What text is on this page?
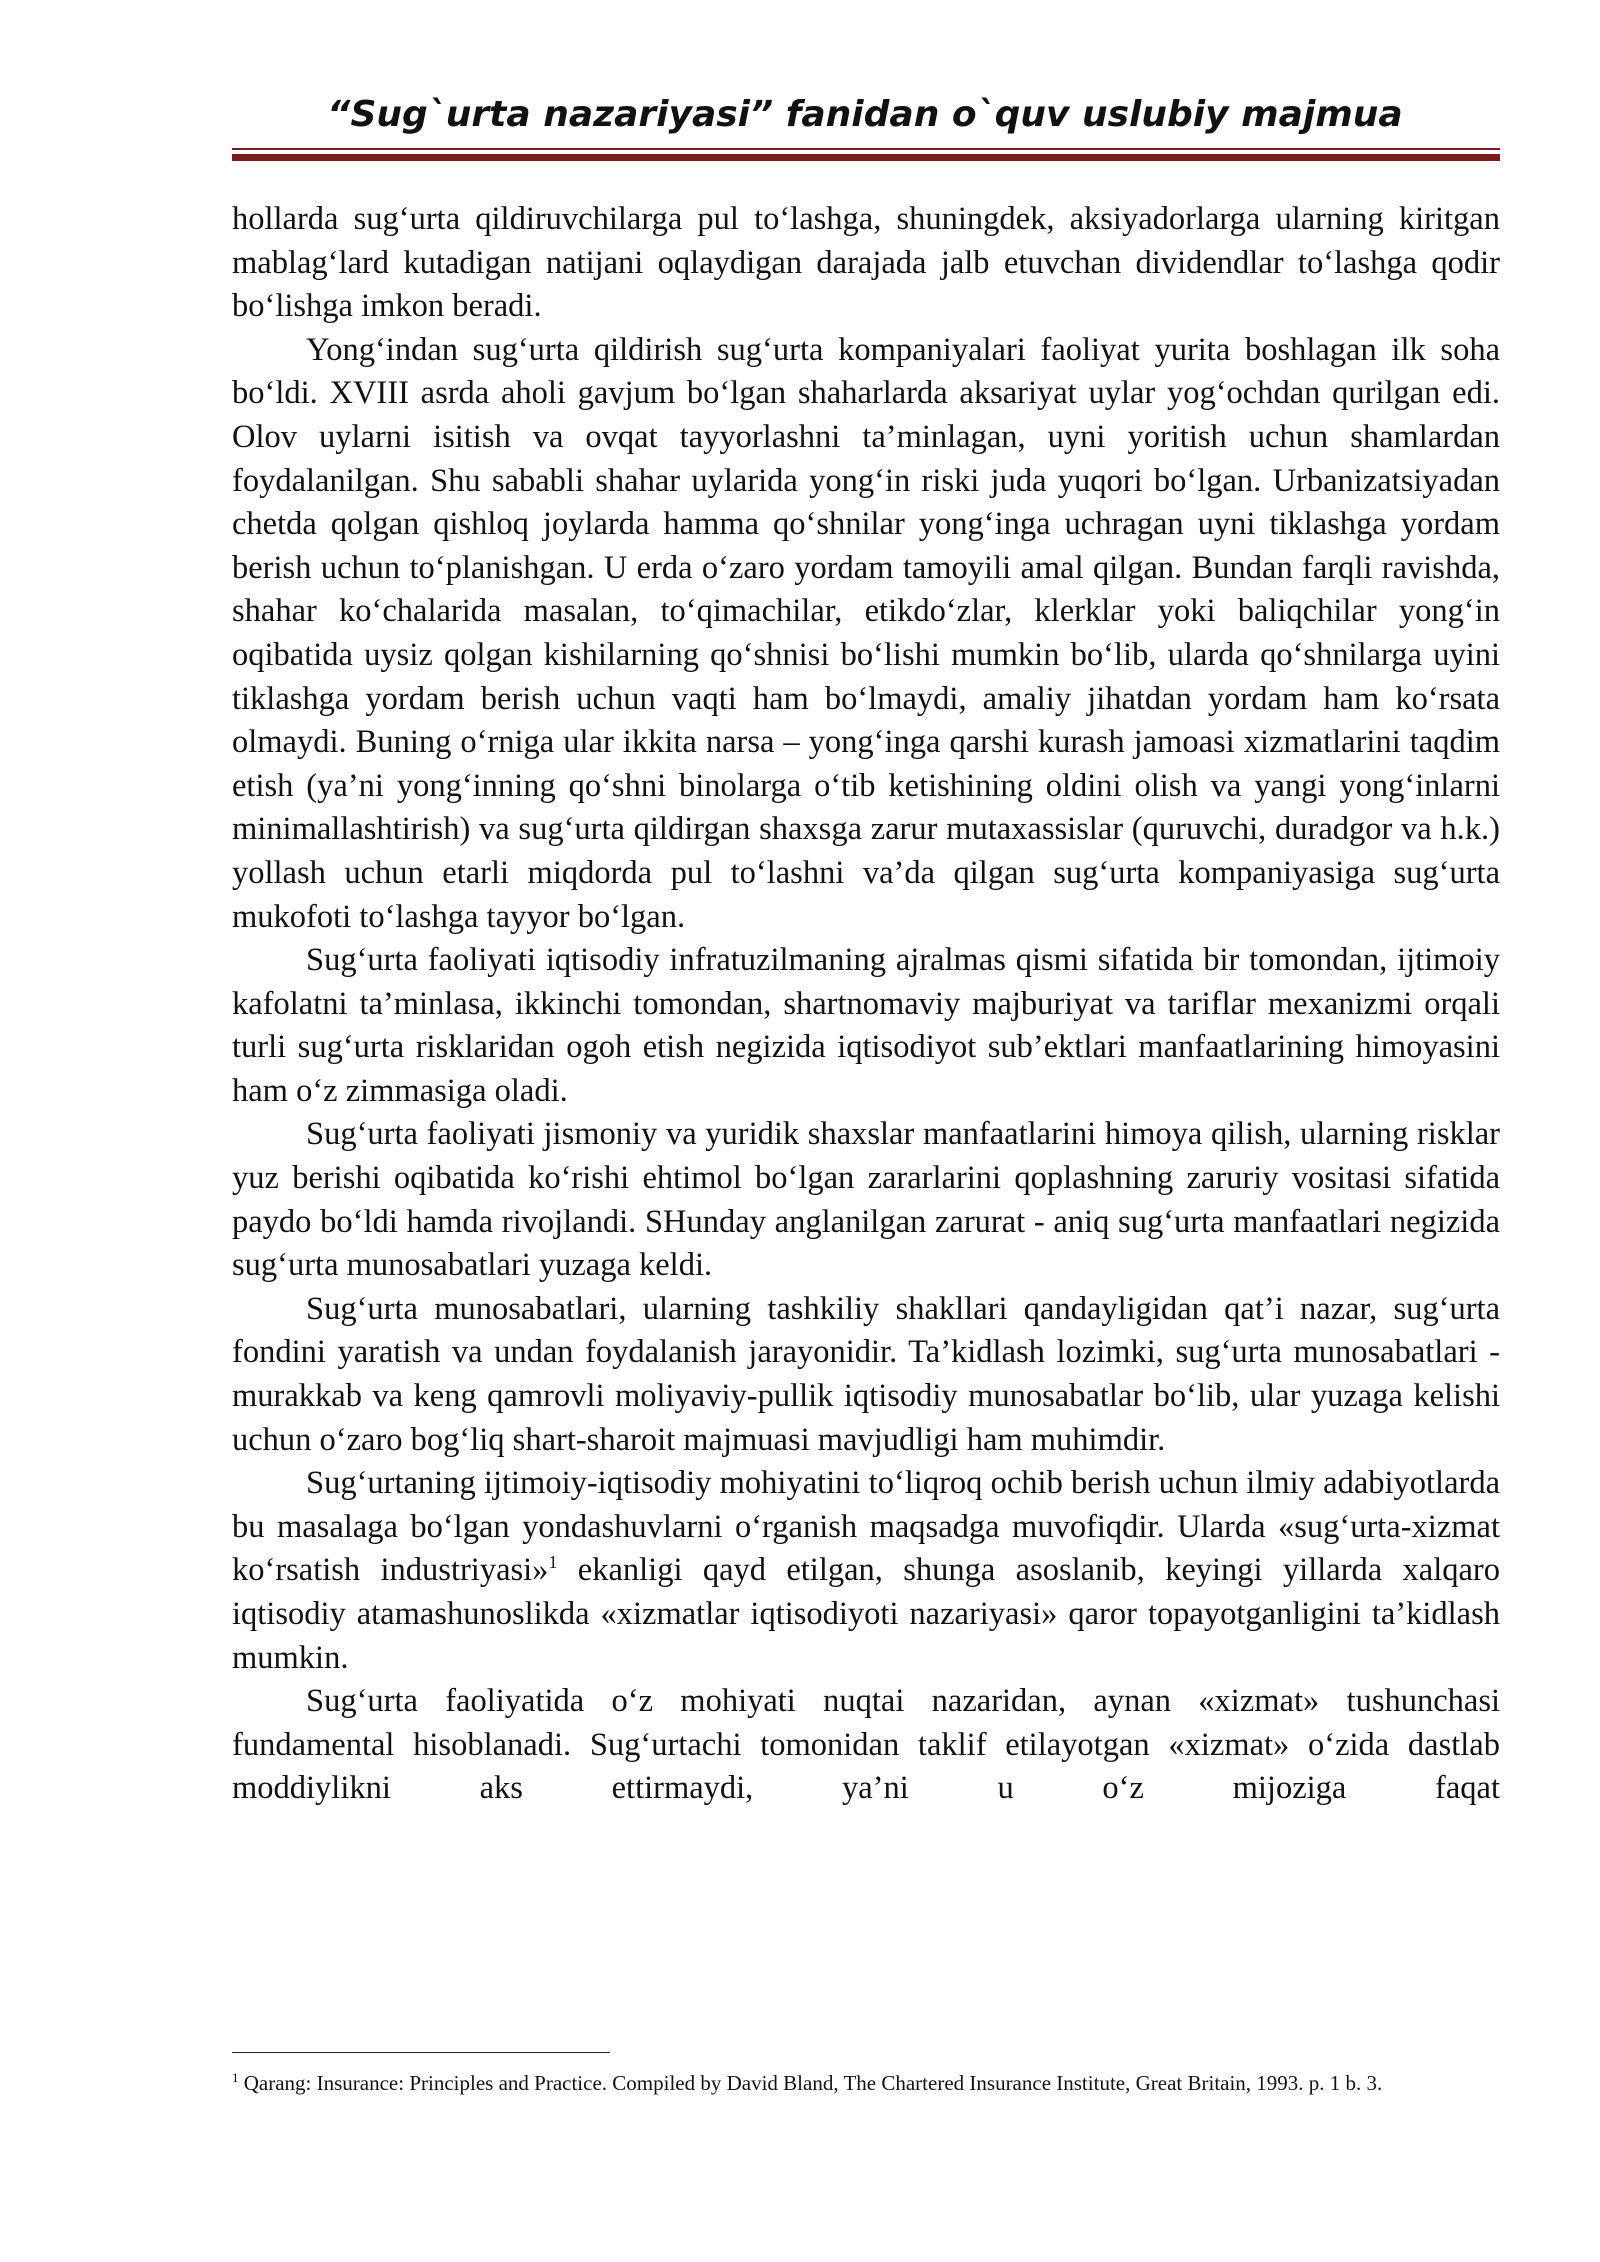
“Sug`urta nazariyasi” fanidan o`quv uslubiy majmua

hollarda sug‘urta qildiruvchilarga pul to‘lashga, shuningdek, aksiyadorlarga ularning kiritgan mablag‘lard kutadigan natijani oqlaydigan darajada jalb etuvchan dividendlar to‘lashga qodir bo‘lishga imkon beradi.

Yong‘indan sug‘urta qildirish sug‘urta kompaniyalari faoliyat yurita boshlagan ilk soha bo‘ldi. XVIII asrda aholi gavjum bo‘lgan shaharlarda aksariyat uylar yog‘ochdan qurilgan edi. Olov uylarni isitish va ovqat tayyorlashni ta’minlagan, uyni yoritish uchun shamlardan foydalanilgan. Shu sababli shahar uylarida yong‘in riski juda yuqori bo‘lgan. Urbanizatsiyadan chetda qolgan qishloq joylarda hamma qo‘shnilar yong‘inga uchragan uyni tiklashga yordam berish uchun to‘planishgan. U erda o‘zaro yordam tamoyili amal qilgan. Bundan farqli ravishda, shahar ko‘chalarida masalan, to‘qimachilar, etikdo‘zlar, klerklar yoki baliqchilar yong‘in oqibatida uysiz qolgan kishilarning qo‘shnisi bo‘lishi mumkin bo‘lib, ularda qo‘shnilarga uyini tiklashga yordam berish uchun vaqti ham bo‘lmaydi, amaliy jihatdan yordam ham ko‘rsata olmaydi. Buning o‘rniga ular ikkita narsa – yong‘inga qarshi kurash jamoasi xizmatlarini taqdim etish (ya’ni yong‘inning qo‘shni binolarga o‘tib ketishining oldini olish va yangi yong‘inlarni minimallashtirish) va sug‘urta qildirgan shaxsga zarur mutaxassislar (quruvchi, duradgor va h.k.) yollash uchun etarli miqdorda pul to‘lashni va’da qilgan sug‘urta kompaniyasiga sug‘urta mukofoti to‘lashga tayyor bo‘lgan.

Sug‘urta faoliyati iqtisodiy infratuzilmaning ajralmas qismi sifatida bir tomondan, ijtimoiy kafolatni ta’minlasa, ikkinchi tomondan, shartnomaviy majburiyat va tariflar mexanizmi orqali turli sug‘urta risklaridan ogoh etish negizida iqtisodiyot sub’ektlari manfaatlarining himoyasini ham o‘z zimmasiga oladi.

Sug‘urta faoliyati jismoniy va yuridik shaxslar manfaatlarini himoya qilish, ularning risklar yuz berishi oqibatida ko‘rishi ehtimol bo‘lgan zararlarini qoplashning zaruriy vositasi sifatida paydo bo‘ldi hamda rivojlandi. SHunday anglanilgan zarurat - aniq sug‘urta manfaatlari negizida sug‘urta munosabatlari yuzaga keldi.

Sug‘urta munosabatlari, ularning tashkiliy shakllari qandayligidan qat’i nazar, sug‘urta fondini yaratish va undan foydalanish jarayonidir. Ta’kidlash lozimki, sug‘urta munosabatlari - murakkab va keng qamrovli moliyaviy-pullik iqtisodiy munosabatlar bo‘lib, ular yuzaga kelishi uchun o‘zaro bog‘liq shart-sharoit majmuasi mavjudligi ham muhimdir.

Sug‘urtaning ijtimoiy-iqtisodiy mohiyatini to‘liqroq ochib berish uchun ilmiy adabiyotlarda bu masalaga bo‘lgan yondashuvlarni o‘rganish maqsadga muvofiqdir. Ularda «sug‘urta-xizmat ko‘rsatish industriyasi»$^1$ ekanligi qayd etilgan, shunga asoslanib, keyingi yillarda xalqaro iqtisodiy atamashunoslikda «xizmatlar iqtisodiyoti nazariyasi» qaror topayotganligini ta’kidlash mumkin.

Sug‘urta faoliyatida o‘z mohiyati nuqtai nazaridan, aynan «xizmat» tushunchasi fundamental hisoblanadi. Sug‘urtachi tomonidan taklif etilayotgan «xizmat» o‘zida dastlab moddiylikni aks ettirmaydi, ya’ni u o‘z mijoziga faqat

$^1$ Qarang: Insurance: Principles and Practice. Compiled by David Bland, The Chartered Insurance Institute, Great Britain, 1993. p. 1 b. 3.
